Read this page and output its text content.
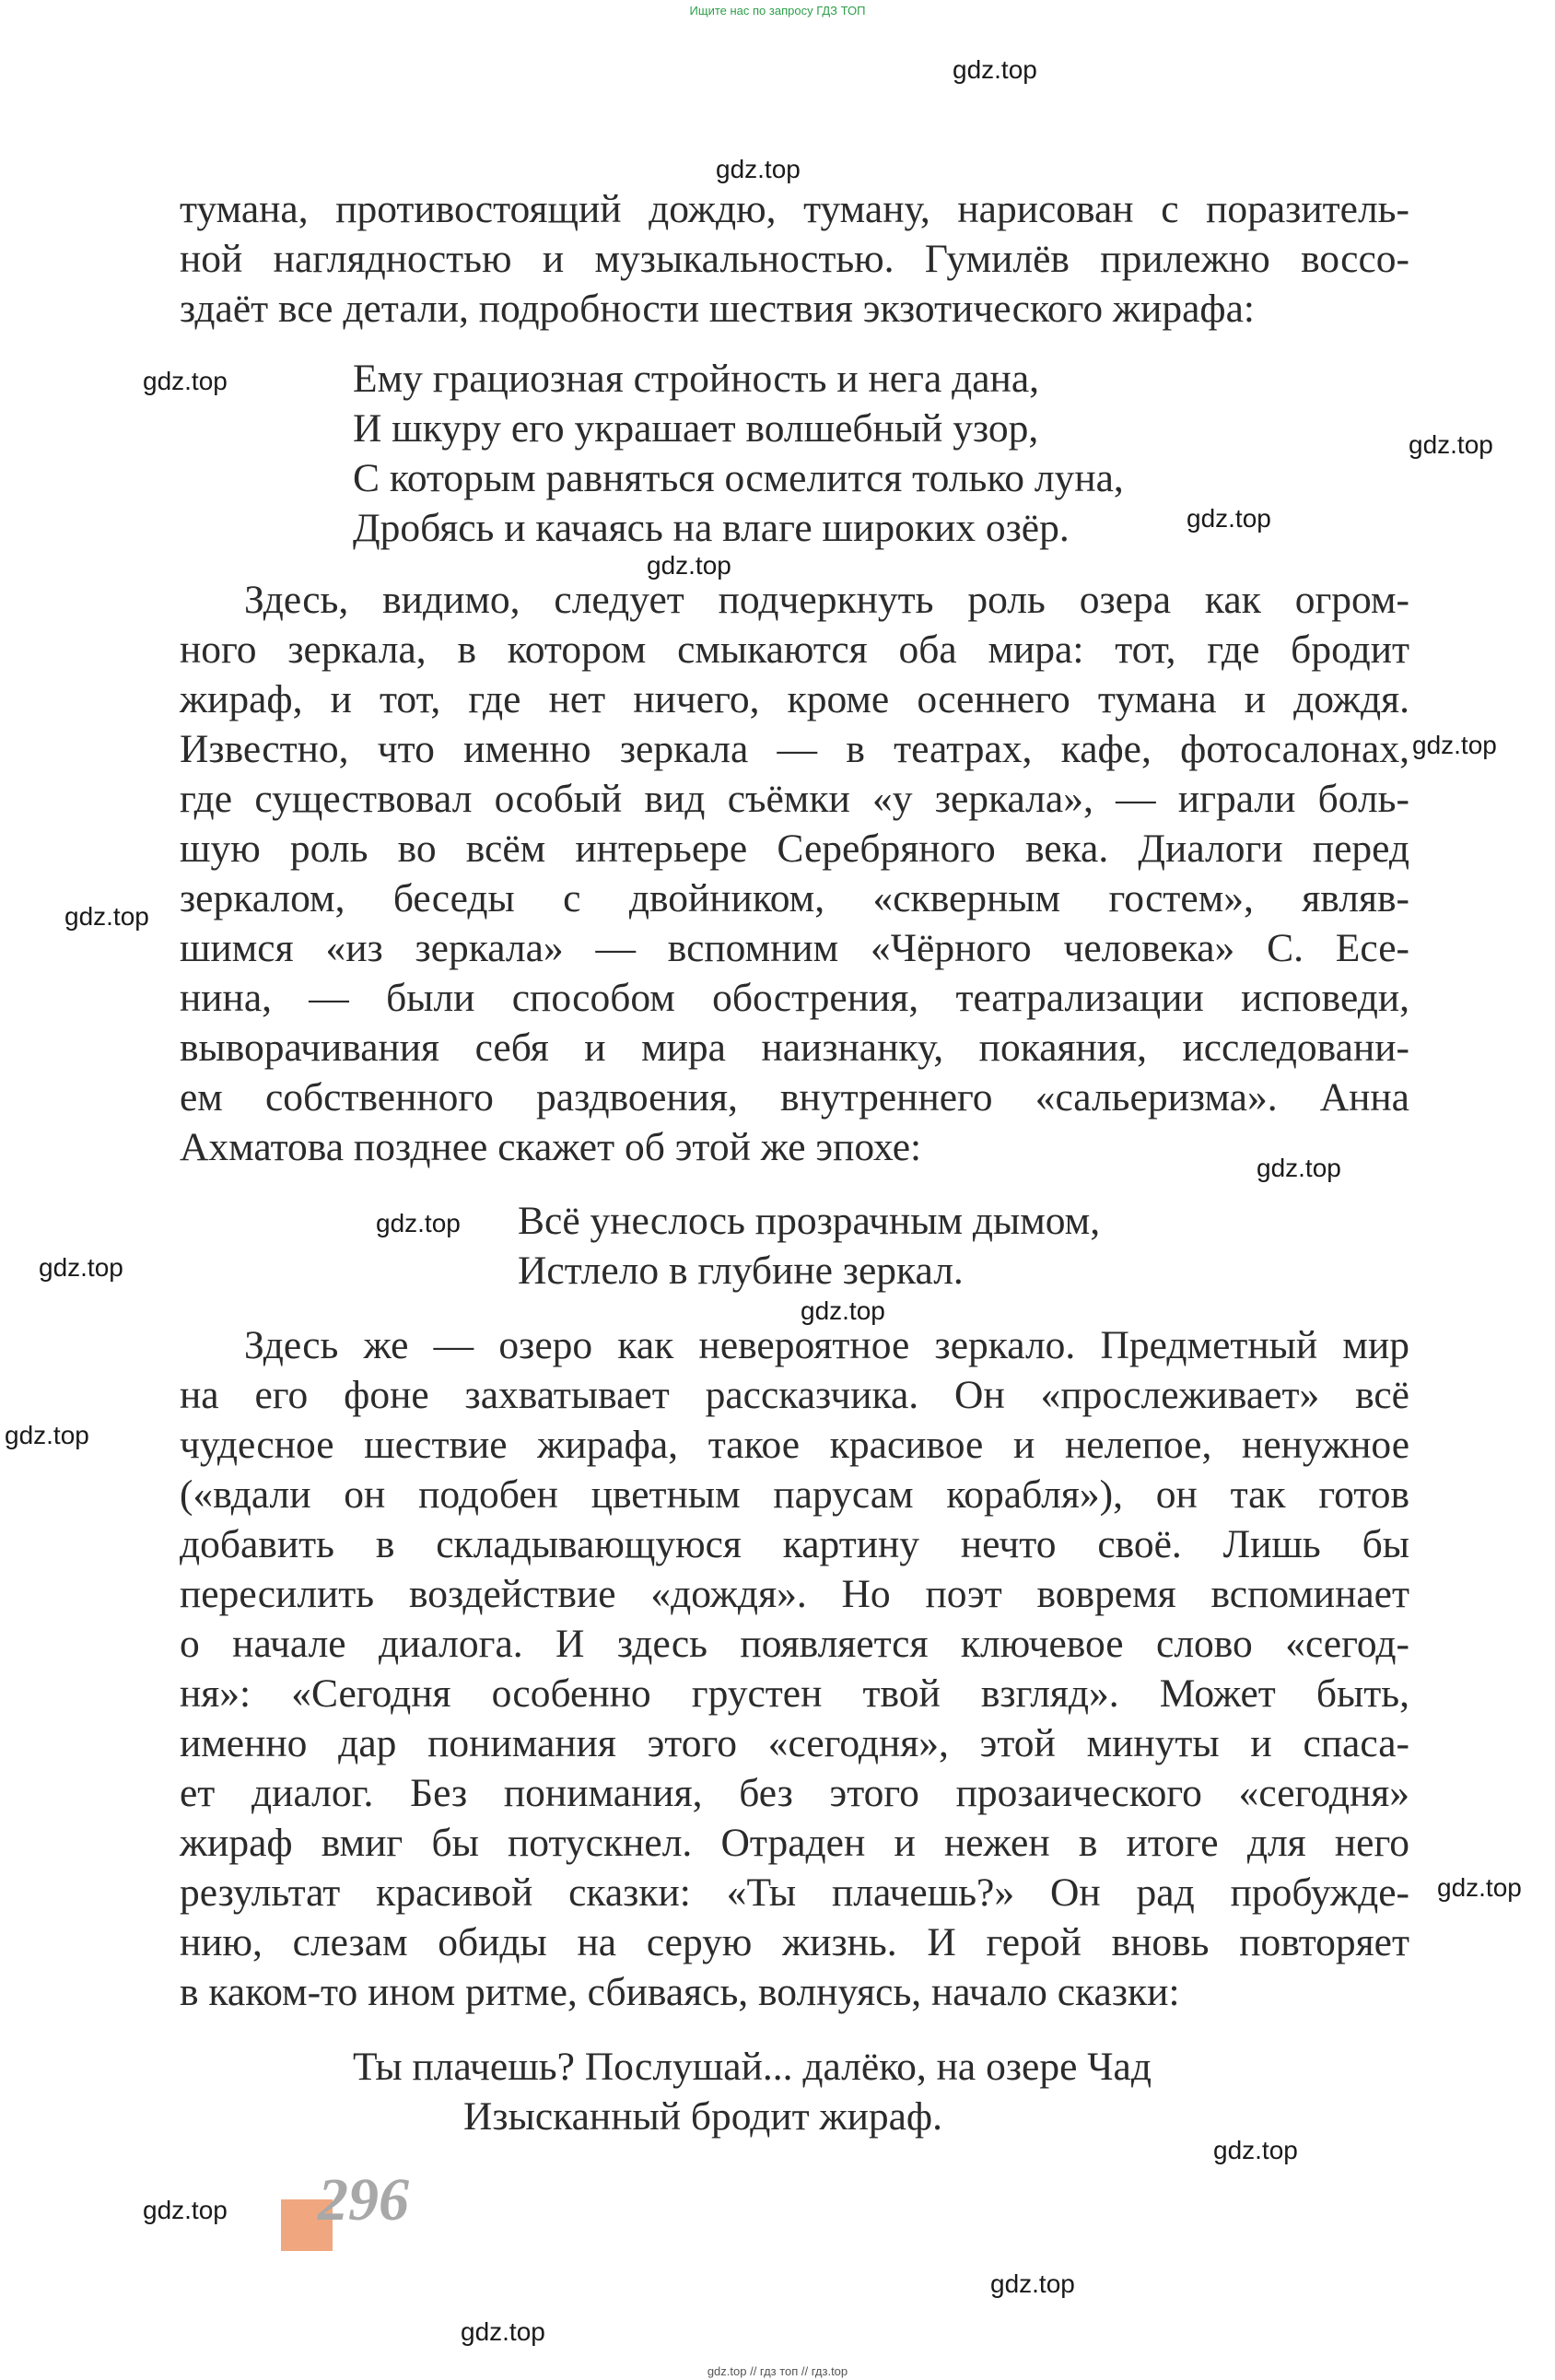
Ищите нас по запросу ГДЗ ТОП
gdz.top
gdz.top
gdz.top
gdz.top
gdz.top
gdz.top
gdz.top
gdz.top
gdz.top
gdz.top
gdz.top
gdz.top
gdz.top
gdz.top
gdz.top
gdz.top
gdz.top
gdz.top

тумана, противостоящий дождю, туману, нарисован с поразитель-

ной наглядностью и музыкальностью. Гумилёв прилежно воссо-

здаёт все детали, подробности шествия экзотического жирафа:

Ему грациозная стройность и нега дана,
И шкуру его украшает волшебный узор,
С которым равняться осмелится только луна,
Дробясь и качаясь на влаге широких озёр.

Здесь, видимо, следует подчеркнуть роль озера как огром-

ного зеркала, в котором смыкаются оба мира: тот, где бродит

жираф, и тот, где нет ничего, кроме осеннего тумана и дождя.

Известно, что именно зеркала — в театрах, кафе, фотосалонах,

где существовал особый вид съёмки «у зеркала», — играли боль-

шую роль во всём интерьере Серебряного века. Диалоги перед

зеркалом, беседы с двойником, «скверным гостем», являв-

шимся «из зеркала» — вспомним «Чёрного человека» С. Есе-

нина, — были способом обострения, театрализации исповеди,

выворачивания себя и мира наизнанку, покаяния, исследовани-

ем собственного раздвоения, внутреннего «сальеризма». Анна

Ахматова позднее скажет об этой же эпохе:

Всё унеслось прозрачным дымом,
Истлело в глубине зеркал.

Здесь же — озеро как невероятное зеркало. Предметный мир

на его фоне захватывает рассказчика. Он «прослеживает» всё

чудесное шествие жирафа, такое красивое и нелепое, ненужное

(«вдали он подобен цветным парусам корабля»), он так готов

добавить в складывающуюся картину нечто своё. Лишь бы

пересилить воздействие «дождя». Но поэт вовремя вспоминает

о начале диалога. И здесь появляется ключевое слово «сегод-

ня»: «Сегодня особенно грустен твой взгляд». Может быть,

именно дар понимания этого «сегодня», этой минуты и спаса-

ет диалог. Без понимания, без этого прозаического «сегодня»

жираф вмиг бы потускнел. Отраден и нежен в итоге для него

результат красивой сказки: «Ты плачешь?» Он рад пробужде-

нию, слезам обиды на серую жизнь. И герой вновь повторяет

в каком-то ином ритме, сбиваясь, волнуясь, начало сказки:

Ты плачешь? Послушай... далёко, на озере Чад
Изысканный бродит жираф.
296
gdz.top // гдз топ // гдз.top
